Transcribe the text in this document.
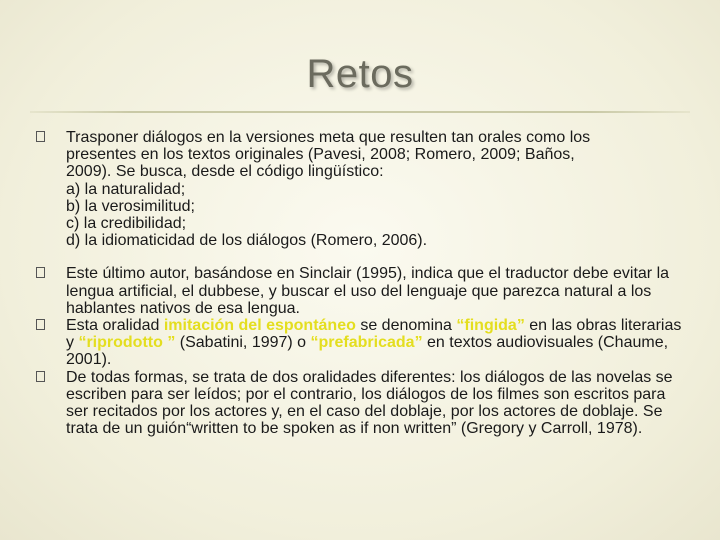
Retos
Trasponer diálogos en la versiones meta que resulten tan orales como los
presentes en los textos originales (Pavesi, 2008; Romero, 2009; Baños,
2009). Se busca, desde el código lingüístico:
a) la naturalidad;
b) la verosimilitud;
c) la credibilidad;
d) la idiomaticidad de los diálogos (Romero, 2006).
Este último autor, basándose en Sinclair (1995), indica que el traductor debe evitar la lengua artificial, el dubbese, y buscar el uso del lenguaje que parezca natural a los hablantes nativos de esa lengua.
Esta oralidad imitación del espontáneo se denomina “fingida” en las obras literarias y “riprodotto ” (Sabatini, 1997) o “prefabricada” en textos audiovisuales (Chaume, 2001).
De todas formas, se trata de dos oralidades diferentes: los diálogos de las novelas se escriben para ser leídos; por el contrario, los diálogos de los filmes son escritos para ser recitados por los actores y, en el caso del doblaje, por los actores de doblaje. Se trata de un guión“written to be spoken as if non written” (Gregory y Carroll, 1978).
